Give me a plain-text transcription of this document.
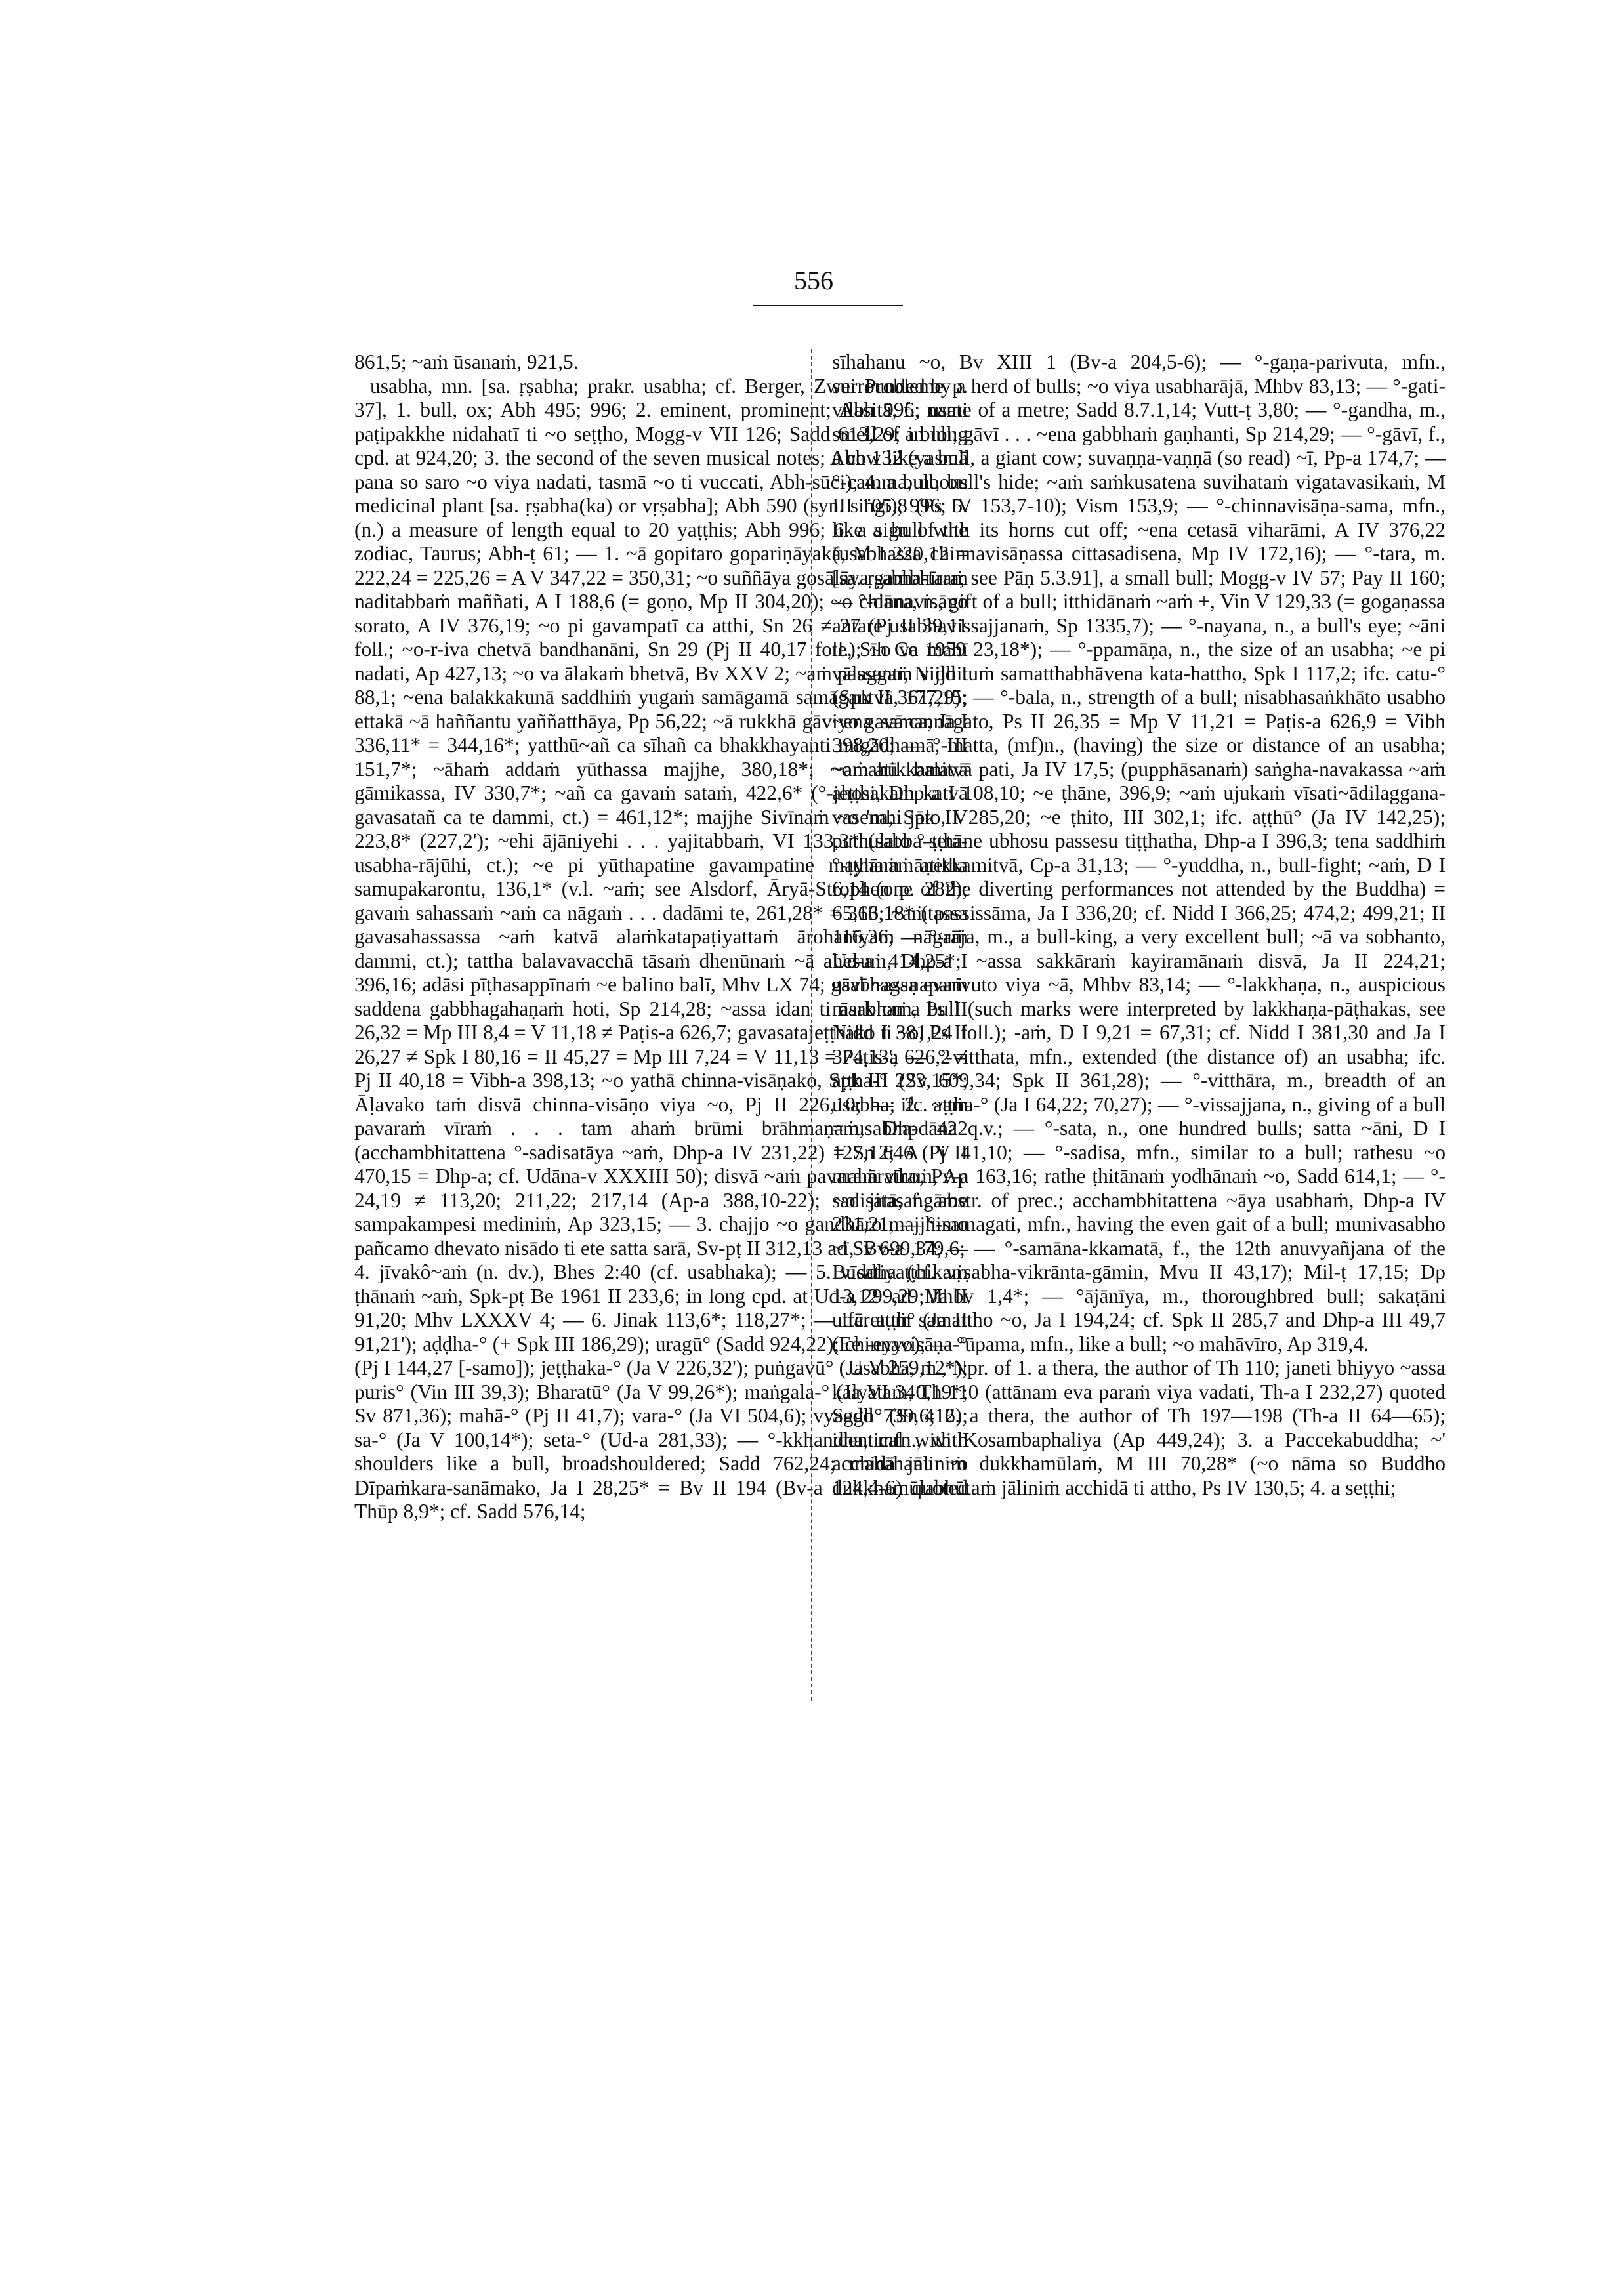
556

861,5; ~aṁ ūsanaṁ, 921,5.

usabha, mn. [sa. ṛṣabha; prakr. usabha; cf. Berger, Zwei Probleme p. 37], 1. bull, ox; Abh 495; 996; 2. eminent, prominent; Abh 996; usati paṭipakkhe nidahatī ti ~o seṭṭho, Mogg-v VII 126; Sadd 613,29; in long cpd. at 924,20; 3. the second of the seven musical notes; Abh 132 (yasmā pana so saro ~o viya nadati, tasmā ~o ti vuccati, Abh-sūci); 4. a bulbous medicinal plant [sa. ṛṣabha(ka) or vṛṣabha]; Abh 590 (syn. siṅgī); 996; 5. (n.) a measure of length equal to 20 yaṭṭhis; Abh 996; 6. a sign of the zodiac, Taurus; Abh-ṭ 61; — 1. ~ā gopitaro gopariṇāyakā, M I 220,12 = 222,24 = 225,26 = A V 347,22 = 350,31; ~o suññāya gosālāya gambhīraṁ naditabbaṁ maññati, A I 188,6 (= goṇo, Mp II 304,20); ~o chinnavisāṇo sorato, A IV 376,19; ~o pi gavampatī ca atthi, Sn 26 ≠ 27 (Pj II 39,11 foll.; ~o-r-iva chetvā bandhanāni, Sn 29 (Pj II 40,17 foll.); ~o va mahī nadati, Ap 427,13; ~o va ālakaṁ bhetvā, Bv XXV 2; ~aṁ passanti, Nidd I 88,1; ~ena balakkakunā saddhiṁ yugaṁ samāgamā samāgantvā, 177,15; ettakā ~ā haññantu yaññatthāya, Pp 56,22; ~ā rukkhā gāviyo gavā ca, Ja I 336,11* = 344,16*; yatthū~añ ca sīhañ ca bhakkhayanti migādhamā, III 151,7*; ~āhaṁ addaṁ yūthassa majjhe, 380,18*; ~o ahū balavā gāmikassa, IV 330,7*; ~añ ca gavaṁ sataṁ, 422,6* (°-jeṭṭhakaṁ katvā gavasatañ ca te dammi, ct.) = 461,12*; majjhe Sivīnaṁ ~o 'mhi jāto, V 223,8* (227,2'); ~ehi ājāniyehi . . . yajitabbaṁ, VI 133,3* (sabba-seta-usabha-rājūhi, ct.); ~e pi yūthapatine gavampatine mayhaṁ āṇetha samupakarontu, 136,1* (v.l. ~aṁ; see Alsdorf, Āryā-Strophen p. 282); gavaṁ sahassaṁ ~aṁ ca nāgaṁ . . . dadāmi te, 261,28* = 363,18* (tassa gavasahassassa ~aṁ katvā alaṁkatapaṭiyattaṁ ārohanīyaṁ nāgaṁ dammi, ct.); tattha balavavacchā tāsaṁ dhenūnaṁ ~ā ahesuṁ, Dhp-a I 396,16; adāsi pīṭhasappīnaṁ ~e balino balī, Mhv LX 74; gāvī ~assa evaṁ saddena gabbhagahaṇaṁ hoti, Sp 214,28; ~assa idan ti āsabhaṁ, Ps II 26,32 = Mp III 8,4 = V 11,18 ≠ Paṭis-a 626,7; gavasatajeṭṭhako ti ~o, Ps II 26,27 ≠ Spk I 80,16 = II 45,27 = Mp III 7,24 = V 11,13 = Paṭis-a 626,2 ≠ Pj II 40,18 = Vibh-a 398,13; ~o yathā chinna-visāṇako, Spk III 223,15*; Āḷavako taṁ disvā chinna-visāṇo viya ~o, Pj II 226,10; — 2. ~aṁ pavaraṁ vīraṁ . . . tam ahaṁ brūmi brāhmaṇaṁ, Dhp 422 (acchambhitattena °-sadisatāya ~aṁ, Dhp-a IV 231,22) = Sn 646 (Pj II 470,15 = Dhp-a; cf. Udāna-v XXXIII 50); disvā ~aṁ pavaraṁ vīraṁ, Ap 24,19 ≠ 113,20; 211,22; 217,14 (Ap-a 388,10-22); ~o jitasaṅgāme sampakampesi mediniṁ, Ap 323,15; — 3. chajjo ~o gandhāro majjhimo pañcamo dhevato nisādo ti ete satta sarā, Sv-pṭ II 312,13 ad Sv 699,34; — 4. jīvakô~aṁ (n. dv.), Bhes 2:40 (cf. usabhaka); — 5. vīsatiyaṭṭhikaṁ ṭhānaṁ ~aṁ, Spk-pṭ Be 1961 II 233,6; in long cpd. at Ud-a 299,29; Ja II 91,20; Mhv LXXXV 4; — 6. Jinak 113,6*; 118,27*; — ifc. aṭṭh° (Ja II 91,21'); aḍḍha-° (+ Spk III 186,29); uragū° (Sadd 924,22); chinnavisāṇa-° (Pj I 144,27 [-samo]); jeṭṭhaka-° (Ja V 226,32'); puṅgavū° (Ja V 259,12*); puris° (Vin III 39,3); Bharatū° (Ja V 99,26*); maṅgala-° (Ja VI 340,19*; Sv 871,36); mahā-° (Pj II 41,7); vara-° (Ja VI 504,6); vyaggh° (Sn 416); sa-° (Ja V 100,14*); seta-° (Ud-a 281,33); — °-kkhandha, mfn., with shoulders like a bull, broadshouldered; Sadd 762,24; mahāhanu ~o Dīpaṁkara-sanāmako, Ja I 28,25* = Bv II 194 (Bv-a 124,4-6) quoted Thūp 8,9*; cf. Sadd 576,14;

sīhahanu ~o, Bv XIII 1 (Bv-a 204,5-6); — °-gaṇa-parivuta, mfn., surrounded by a herd of bulls; ~o viya usabharājā, Mhbv 83,13; — °-gati-vilasitā, f., name of a metre; Sadd 8.7.1,14; Vutt-ṭ 3,80; — °-gandha, m., smell of a bull; gāvī . . . ~ena gabbhaṁ gaṇhanti, Sp 214,29; — °-gāvī, f., a cow like a bull, a giant cow; suvaṇṇa-vaṇṇā (so read) ~ī, Pp-a 174,7; — °-camma, n., bull's hide; ~aṁ saṁkusatena suvihataṁ vigatavasikaṁ, M III 105,8 (Ps IV 153,7-10); Vism 153,9; — °-chinnavisāṇa-sama, mfn., like a bull with its horns cut off; ~ena cetasā viharāmi, A IV 376,22 (usabhassa chinnavisāṇassa cittasadisena, Mp IV 172,16); — °-tara, m. [sa. ṛṣabha-tara; see Pāṇ 5.3.91], a small bull; Mogg-v IV 57; Pay II 160; — °-dāna, n., gift of a bull; itthidānaṁ ~aṁ +, Vin V 129,33 (= gogaṇassa antare usabhavissajjanaṁ, Sp 1335,7); — °-nayana, n., a bull's eye; ~āni te, Sīh Ce 1959 23,18*); — °-ppamāṇa, n., the size of an usabha; ~e pi vālaggaṁ vijjhituṁ samatthabhāvena kata-hattho, Spk I 117,2; ifc. catu-° (Spk II 361,29); — °-bala, n., strength of a bull; nisabhasaṅkhāto usabho ~ena samannāgato, Ps II 26,35 = Mp V 11,21 = Paṭis-a 626,9 = Vibh 398,20; — °-matta, (mf)n., (having) the size or distance of an usabha; ~aṁ atikkamitvā pati, Ja IV 17,5; (pupphāsanaṁ) saṅgha-navakassa ~aṁ ahosi, Dhp-a I 108,10; ~e ṭhāne, 396,9; ~aṁ ujukaṁ vīsati~ādilaggana-vasena, Spk II 285,20; ~e ṭhito, III 302,1; ifc. aṭṭhū° (Ja IV 142,25); puthulato °-ṭṭhāne ubhosu passesu tiṭṭhatha, Dhp-a I 396,3; tena saddhiṁ °-ṭṭhānaṁ atikkamitvā, Cp-a 31,13; — °-yuddha, n., bull-fight; ~aṁ, D I 6,14 (one of the diverting performances not attended by the Buddha) = 65,16; ~aṁ passissāma, Ja I 336,20; cf. Nidd I 366,25; 474,2; 499,21; II 116,36; — °-rāja, m., a bull-king, a very excellent bull; ~ā va sobhanto, Ud-a 414,25*; ~assa sakkāraṁ kayiramānaṁ disvā, Ja II 224,21; usabhagaṇaparivuto viya ~ā, Mhbv 83,14; — °-lakkhaṇa, n., auspicious mark on a bull (such marks were interpreted by lakkhaṇa-pāṭhakas, see Nidd I 381,24 foll.); -aṁ, D I 9,21 = 67,31; cf. Nidd I 381,30 and Ja I 374,13'; — °-vitthata, mfn., extended (the distance of) an usabha; ifc. aṭṭha-° (Sv 609,34; Spk II 361,28); — °-vitthāra, m., breadth of an usabha; ifc. aṭṭha-° (Ja I 64,22; 70,27); — °-vissajjana, n., giving of a bull = usabha-dāna q.v.; — °-sata, n., one hundred bulls; satta ~āni, D I 127,12; A IV 41,10; — °-sadisa, mfn., similar to a bull; rathesu ~o mahāratho, Pv-a 163,16; rathe ṭhitānaṁ yodhānaṁ ~o, Sadd 614,1; — °-sadisatā, f., abstr. of prec.; acchambhitattena ~āya usabhaṁ, Dhp-a IV 231,21; — °-samagati, mfn., having the even gait of a bull; munivasabho ~ī, Bv-a 179,6; — °-samāna-kkamatā, f., the 12th anuvyañjana of the Buddha (cf. vṛṣabha-vikrānta-gāmin, Mvu II 43,17); Mil-ṭ 17,15; Dp 13,12 ad Mhbv 1,4*; — °ājānīya, m., thoroughbred bull; sakaṭāni uttāretuṁ samattho ~o, Ja I 194,24; cf. Spk II 285,7 and Dhp-a III 49,7 (Ee -eyyo); — °ūpama, mfn., like a bull; ~o mahāvīro, Ap 319,4.

Usabha, m., Npr. of 1. a thera, the author of Th 110; janeti bhiyyo ~assa kalyataṁ, Th 110 (attānam eva paraṁ viya vadati, Th-a I 232,27) quoted Sadd 739,6; 2. a thera, the author of Th 197—198 (Th-a II 64—65); identical with Kosambaphaliya (Ap 449,24); 3. a Paccekabuddha; ~' acchidā jāliniṁ dukkhamūlaṁ, M III 70,28* (~o nāma so Buddho dukkhamūlabhūtaṁ jāliniṁ acchidā ti attho, Ps IV 130,5; 4. a seṭṭhi;
